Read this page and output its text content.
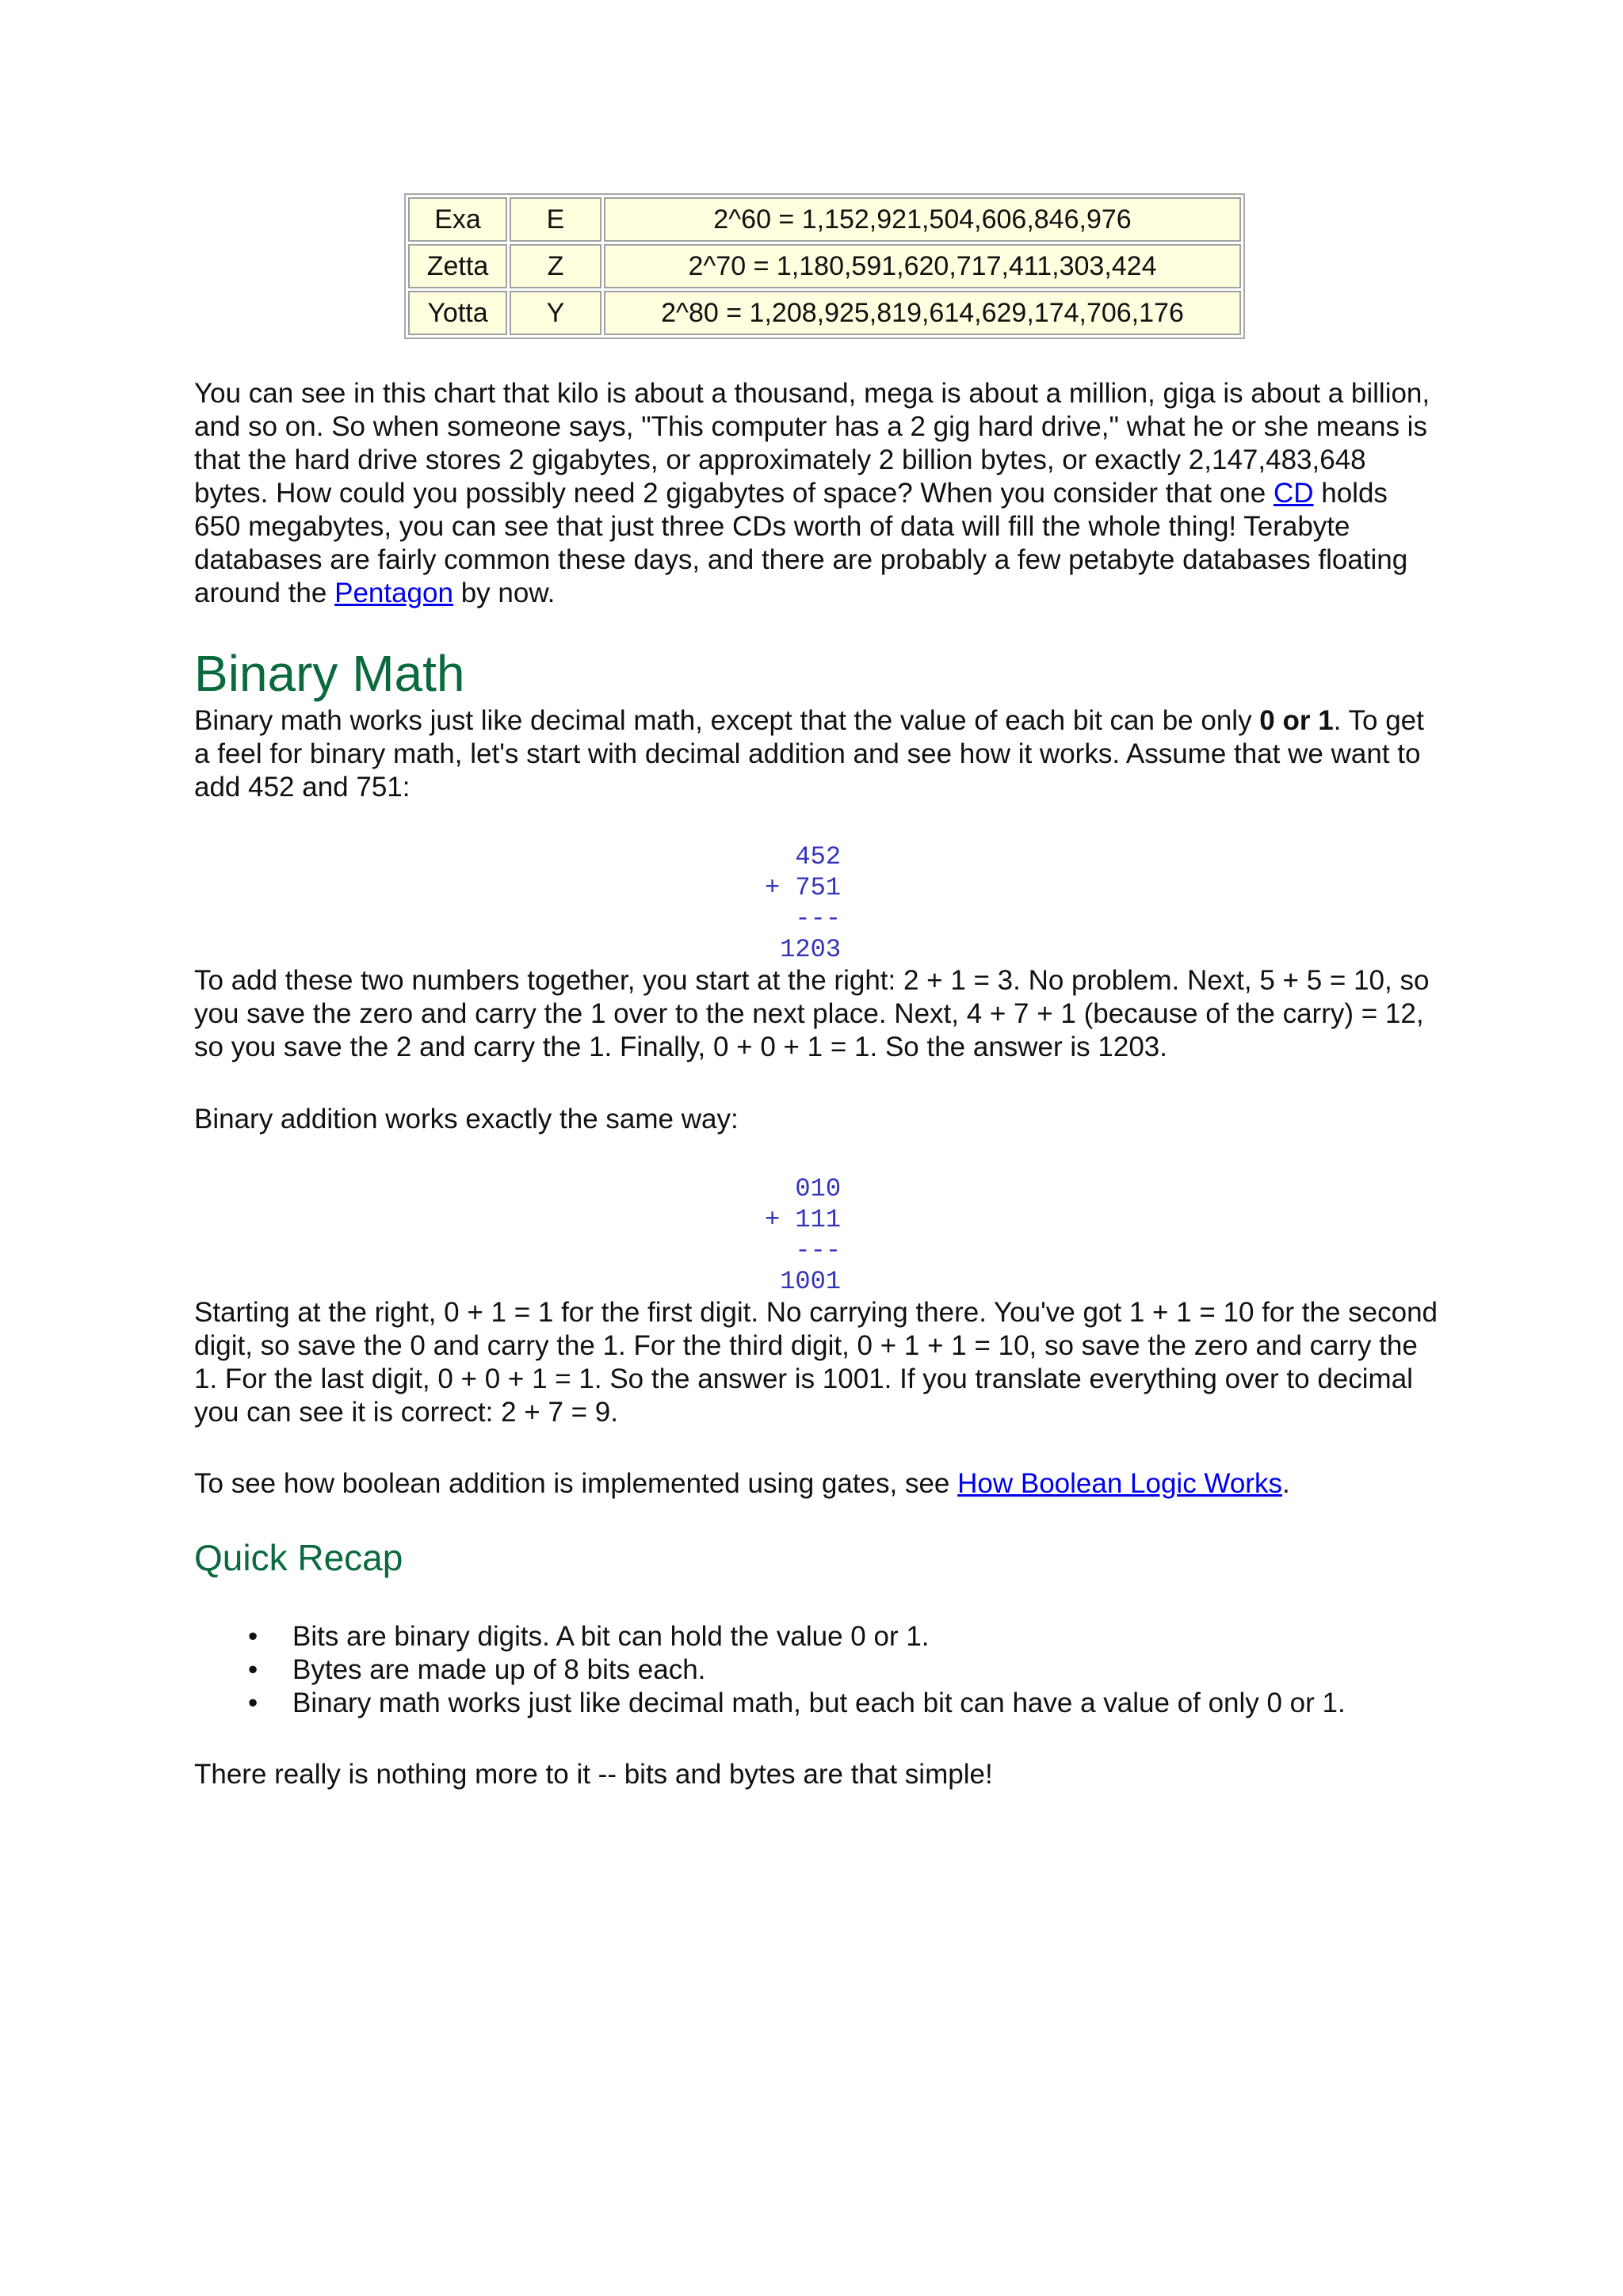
Exa	E	2^60 = 1,152,921,504,606,846,976
Zetta	Z	2^70 = 1,180,591,620,717,411,303,424
Yotta	Y	2^80 = 1,208,925,819,614,629,174,706,176

You can see in this chart that kilo is about a thousand, mega is about a million, giga is about a billion, and so on. So when someone says, "This computer has a 2 gig hard drive," what he or she means is that the hard drive stores 2 gigabytes, or approximately 2 billion bytes, or exactly 2,147,483,648 bytes. How could you possibly need 2 gigabytes of space? When you consider that one CD holds 650 megabytes, you can see that just three CDs worth of data will fill the whole thing! Terabyte databases are fairly common these days, and there are probably a few petabyte databases floating around the Pentagon by now.

Binary Math

Binary math works just like decimal math, except that the value of each bit can be only 0 or 1. To get a feel for binary math, let's start with decimal addition and see how it works. Assume that we want to add 452 and 751:

452
+ 751
---
1203

To add these two numbers together, you start at the right: 2 + 1 = 3. No problem. Next, 5 + 5 = 10, so you save the zero and carry the 1 over to the next place. Next, 4 + 7 + 1 (because of the carry) = 12, so you save the 2 and carry the 1. Finally, 0 + 0 + 1 = 1. So the answer is 1203.

Binary addition works exactly the same way:

010
+ 111
---
1001

Starting at the right, 0 + 1 = 1 for the first digit. No carrying there. You've got 1 + 1 = 10 for the second digit, so save the 0 and carry the 1. For the third digit, 0 + 1 + 1 = 10, so save the zero and carry the 1. For the last digit, 0 + 0 + 1 = 1. So the answer is 1001. If you translate everything over to decimal you can see it is correct: 2 + 7 = 9.

To see how boolean addition is implemented using gates, see How Boolean Logic Works.

Quick Recap
• Bits are binary digits. A bit can hold the value 0 or 1.
• Bytes are made up of 8 bits each.
• Binary math works just like decimal math, but each bit can have a value of only 0 or 1.

There really is nothing more to it -- bits and bytes are that simple!
